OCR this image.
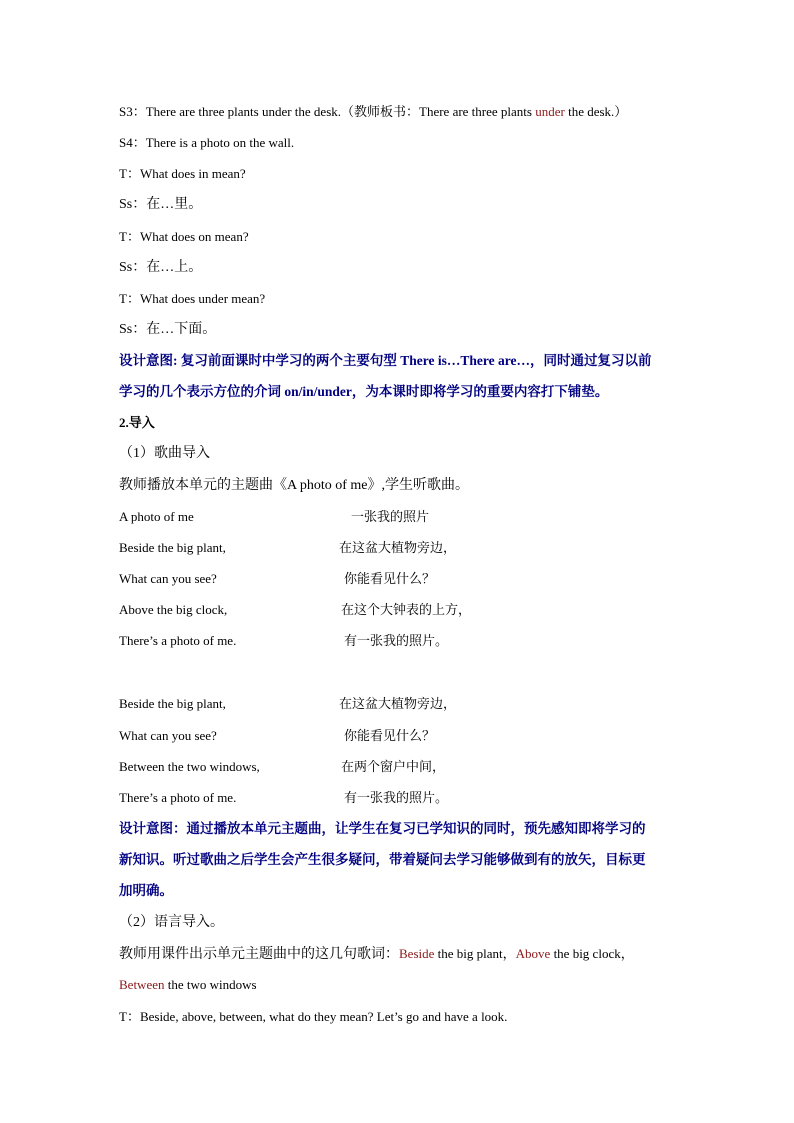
S3：There are three plants under the desk.（教师板书：There are three plants under the desk.）
S4：There is a photo on the wall.
T：What does in mean?
Ss：在…里。
T：What does on mean?
Ss：在…上。
T：What does under mean?
Ss：在…下面。
设计意图: 复习前面课时中学习的两个主要句型 There is…There are…，同时通过复习以前
学习的几个表示方位的介词 on/in/under，为本课时即将学习的重要内容打下铺垫。
2.导入
（1）歌曲导入
教师播放本单元的主题曲《A photo of me》,学生听歌曲。
A photo of me	一张我的照片
Beside the big plant,	在这盆大植物旁边，
What can you see?	你能看见什么？
Above the big clock,	在这个大钟表的上方，
There’s a photo of me.	有一张我的照片。
Beside the big plant,	在这盆大植物旁边，
What can you see?	你能看见什么？
Between the two windows,	在两个窗户中间，
There’s a photo of me.	有一张我的照片。
设计意图：通过播放本单元主题曲，让学生在复习已学知识的同时，预先感知即将学习的
新知识。听过歌曲之后学生会产生很多疑问，带着疑问去学习能够做到有的放矢，目标更
加明确。
（2）语言导入。
教师用课件出示单元主题曲中的这几句歌词：Beside the big plant，Above the big clock，
Between the two windows
T：Beside, above, between, what do they mean? Let’s go and have a look.
